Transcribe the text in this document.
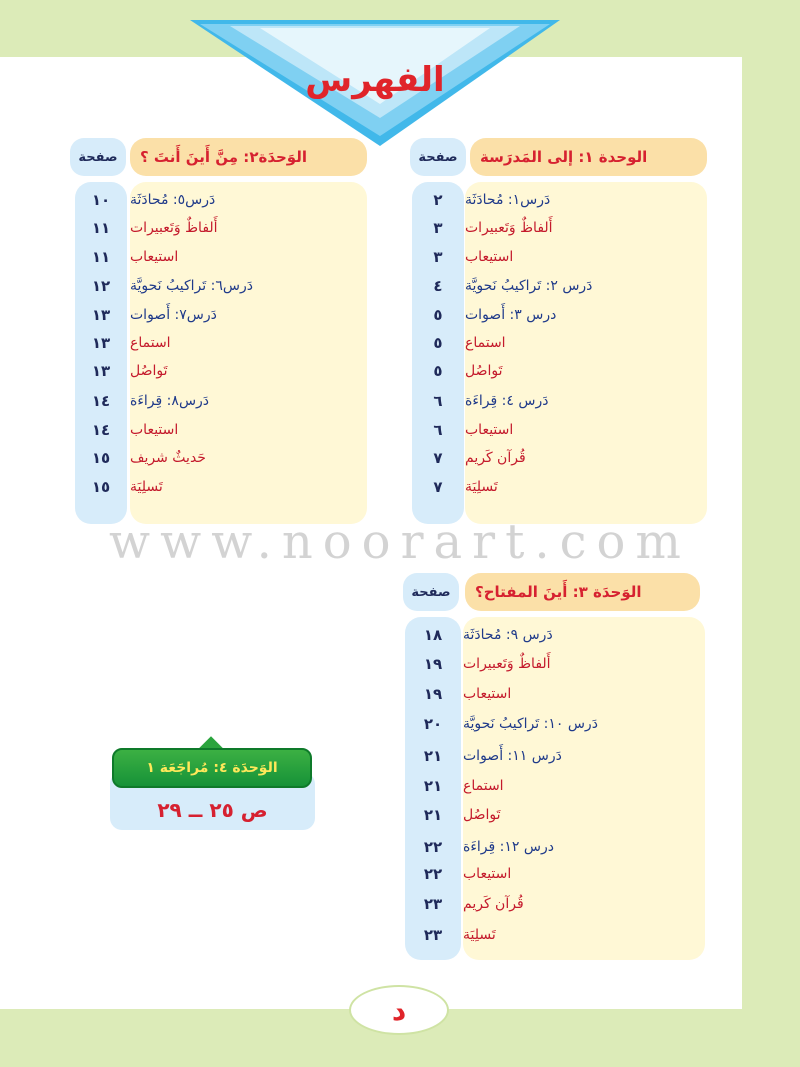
الفهرس
الوحدة ١: إلى المَدرَسة
صفحة
دَرس١: مُحادَثَة
أَلفاظٌ وَتَعبيرات
استيعاب
دَرس ٢: تَراكيبُ نَحويَّة
درس ٣: أَصوات
استماع
تَواصُل
دَرس ٤: قِراءَة
استيعاب
قُرآن كَريم
تَسلِيَة
٢
٣
٣
٤
٥
٥
٥
٦
٦
٧
٧
الوَحدَة٢: مِنَّ أَينَ أَنتَ ؟
صفحة
دَرس٥: مُحادَثَة
أَلفاظٌ وَتَعبيرات
استيعاب
دَرس٦: تَراكيبُ نَحويَّة
دَرس٧: أَصوات
استماع
تَواصُل
دَرس٨: قِراءَة
استيعاب
حَديثٌ شريف
تَسلِيَة
١٠
١١
١١
١٢
١٣
١٣
١٣
١٤
١٤
١٥
١٥
www.noorart.com
الوَحدَة ٣: أَينَ المفتاح؟
صفحة
دَرس ٩: مُحادَثَة
أَلفاظٌ وَتَعبيرات
استيعاب
دَرس ١٠: تَراكيبُ نَحويَّة
دَرس ١١: أَصوات
استماع
تَواصُل
درس ١٢: قِراءَة
استيعاب
قُرآن كَريم
تَسلِيَة
١٨
١٩
١٩
٢٠
٢١
٢١
٢١
٢٢
٢٢
٢٣
٢٣
الوَحدَة ٤: مُراجَعَة ١
ص ٢٥ ــ ٢٩
د
